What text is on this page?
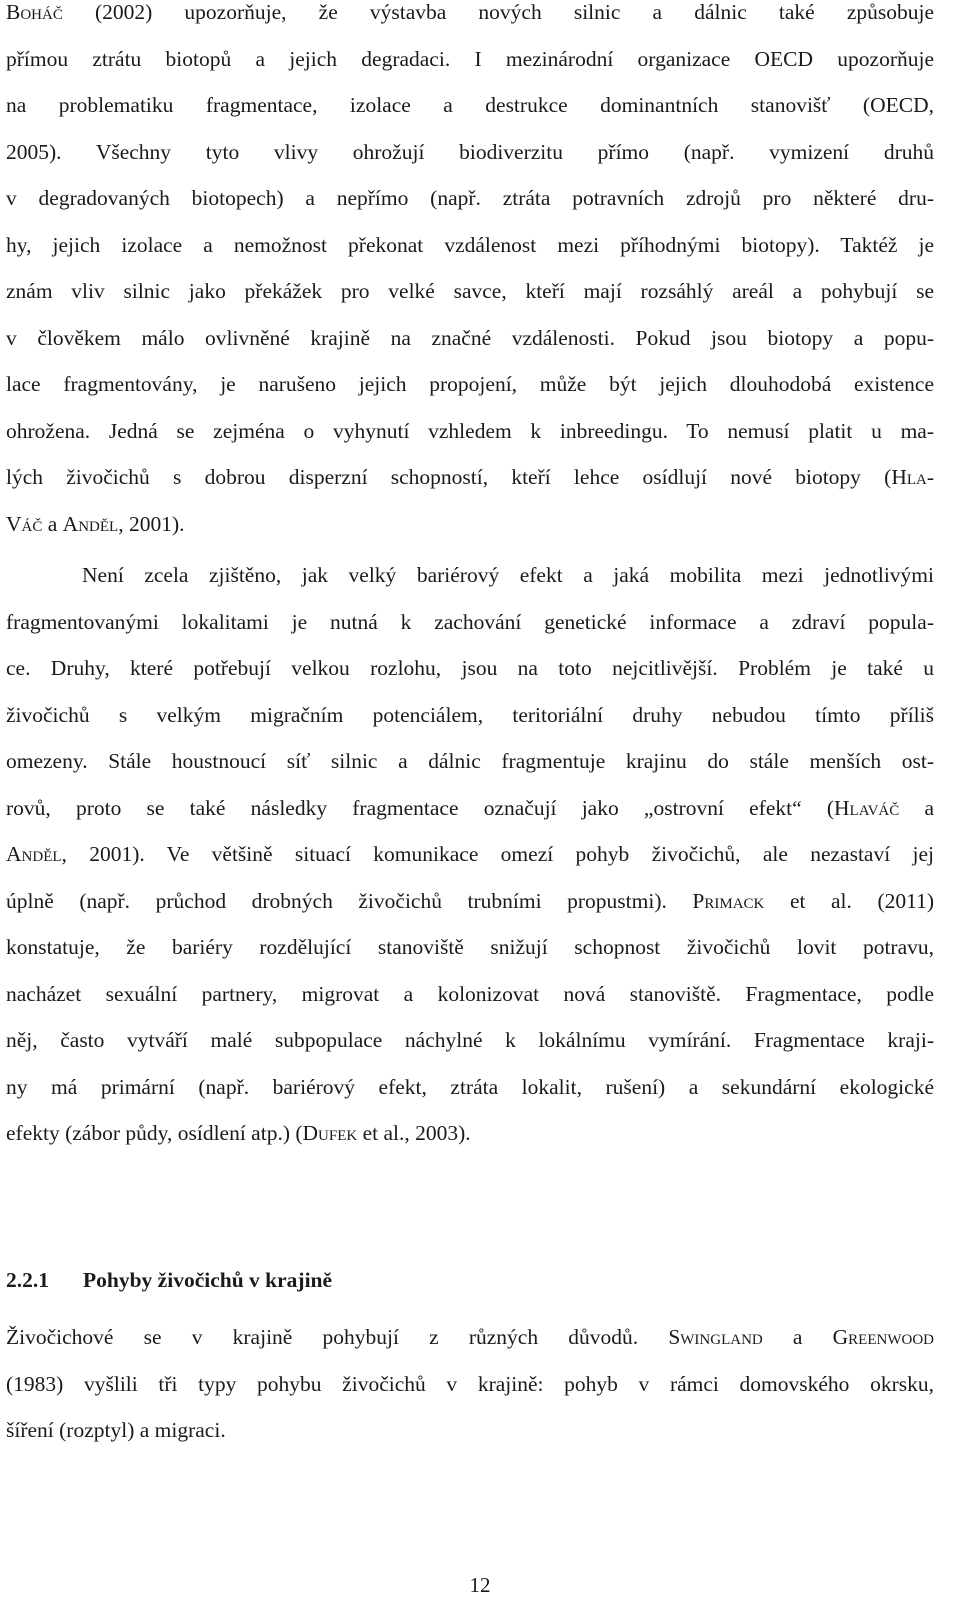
Boháč (2002) upozorňuje, že výstavba nových silnic a dálnic také způsobuje
přímou ztrátu biotopů a jejich degradaci. I mezinárodní organizace OECD upozorňuje
na problematiku fragmentace, izolace a destrukce dominantních stanovišť (OECD,
2005). Všechny tyto vlivy ohrožují biodiverzitu přímo (např. vymizení druhů
v degradovaných biotopech) a nepřímo (např. ztráta potravních zdrojů pro některé dru-
hy, jejich izolace a nemožnost překonat vzdálenost mezi příhodnými biotopy). Taktéž je
znám vliv silnic jako překážek pro velké savce, kteří mají rozsáhlý areál a pohybují se
v člověkem málo ovlivněné krajině na značné vzdálenosti. Pokud jsou biotopy a popu-
lace fragmentovány, je narušeno jejich propojení, může být jejich dlouhodobá existence
ohrožena. Jedná se zejména o vyhynutí vzhledem k inbreedingu. To nemusí platit u ma-
lých živočichů s dobrou disperzní schopností, kteří lehce osídlují nové biotopy (Hla-
Váč a Anděl, 2001).
Není zcela zjištěno, jak velký bariérový efekt a jaká mobilita mezi jednotlivými
fragmentovanými lokalitami je nutná k zachování genetické informace a zdraví popula-
ce. Druhy, které potřebují velkou rozlohu, jsou na toto nejcitlivější. Problém je také u
živočichů s velkým migračním potenciálem, teritoriální druhy nebudou tímto příliš
omezeny. Stále houstnoucí síť silnic a dálnic fragmentuje krajinu do stále menších ost-
rovů, proto se také následky fragmentace označují jako „ostrovní efekt“ (Hlaváč a
Anděl, 2001). Ve většině situací komunikace omezí pohyb živočichů, ale nezastaví jej
úplně (např. průchod drobných živočichů trubními propustmi). Primack et al. (2011)
konstatuje, že bariéry rozdělující stanoviště snižují schopnost živočichů lovit potravu,
nacházet sexuální partnery, migrovat a kolonizovat nová stanoviště. Fragmentace, podle
něj, často vytváří malé subpopulace náchylné k lokálnímu vymírání. Fragmentace kraji-
ny má primární (např. bariérový efekt, ztráta lokalit, rušení) a sekundární ekologické
efekty (zábor půdy, osídlení atp.) (Dufek et al., 2003).
2.2.1 Pohyby živočichů v krajině
Živočichové se v krajině pohybují z různých důvodů. Swingland a Greenwood
(1983) vyšlili tři typy pohybu živočichů v krajině: pohyb v rámci domovského okrsku,
šíření (rozptyl) a migraci.
12
